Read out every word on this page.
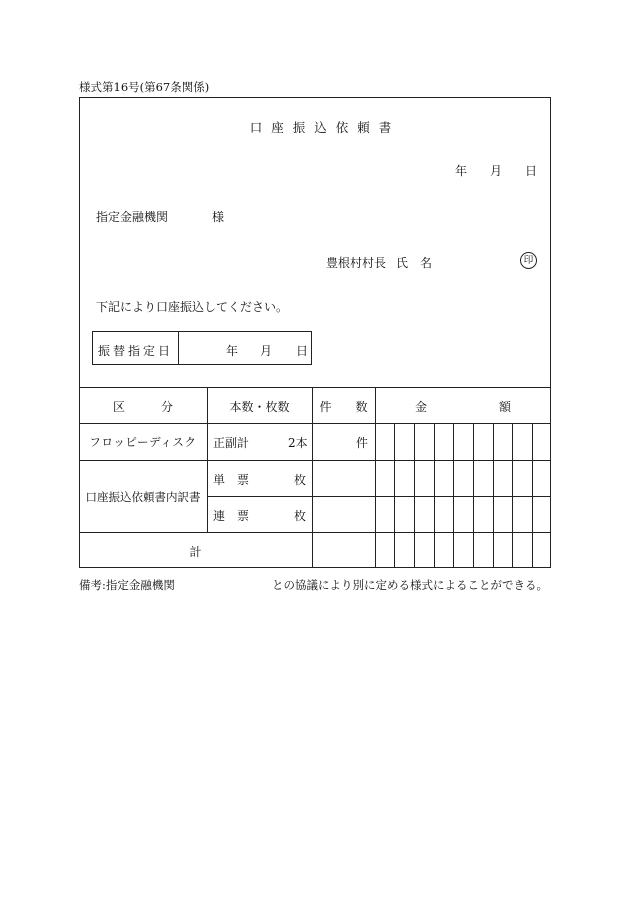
様式第16号(第67条関係)
口座振込依頼書
年 月 日
指定金融機関	様
豊根村村長 氏　名	印
下記により口座振込してください。
振替指定日	年 月 日
区　　　分	本数・枚数	件　　数	金　　　　　　額
フロッピーディスク	正副計	2本	件
口座振込依頼書内訳書
単　票	枚
連　票	枚
計
備考:指定金融機関	との協議により別に定める様式によることができる。
